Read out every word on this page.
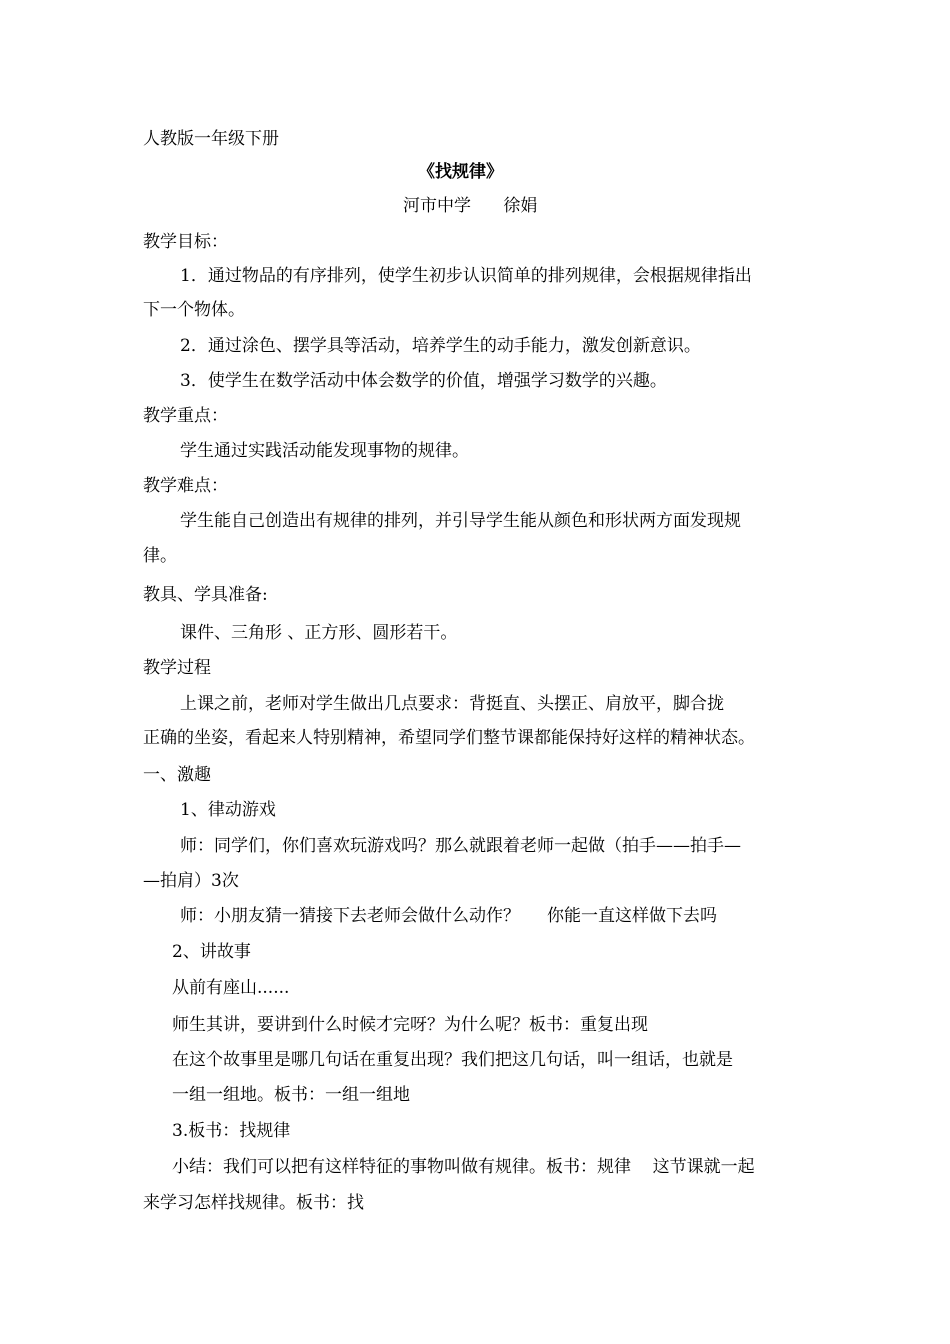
人教版一年级下册
《找规律》
河市中学      徐娟
教学目标：
1．通过物品的有序排列，使学生初步认识简单的排列规律，会根据规律指出
下一个物体。
2．通过涂色、摆学具等活动，培养学生的动手能力，激发创新意识。
3．使学生在数学活动中体会数学的价值，增强学习数学的兴趣。
教学重点：
学生通过实践活动能发现事物的规律。
教学难点：
学生能自己创造出有规律的排列，并引导学生能从颜色和形状两方面发现规
律。
教具、学具准备:
课件、三角形 、正方形、圆形若干。
教学过程
上课之前，老师对学生做出几点要求：背挺直、头摆正、肩放平，脚合拢
正确的坐姿，看起来人特别精神，希望同学们整节课都能保持好这样的精神状态。
一、激趣
1、律动游戏
师：同学们，你们喜欢玩游戏吗？那么就跟着老师一起做（拍手——拍手—
—拍肩）3次
师：小朋友猜一猜接下去老师会做什么动作？     你能一直这样做下去吗
2、讲故事
从前有座山......
师生其讲，要讲到什么时候才完呀？为什么呢？板书：重复出现
在这个故事里是哪几句话在重复出现？我们把这几句话，叫一组话，也就是
一组一组地。板书：一组一组地
3.板书：找规律
小结：我们可以把有这样特征的事物叫做有规律。板书：规律    这节课就一起
来学习怎样找规律。板书：找
